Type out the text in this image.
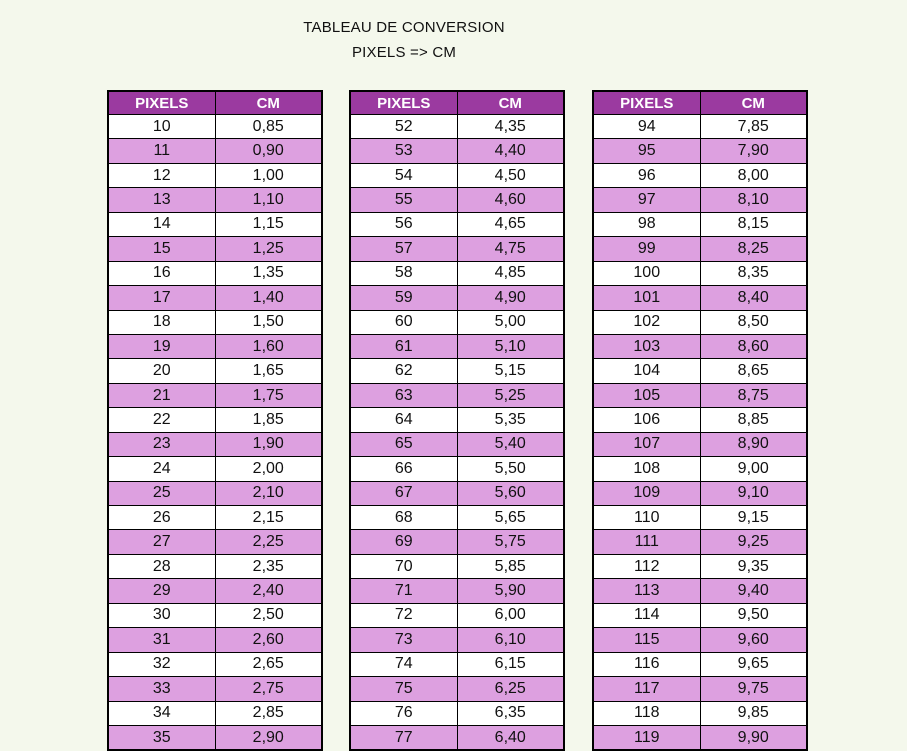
TABLEAU DE CONVERSION
PIXELS => CM
PIXELS	CM
10	0,85
11	0,90
12	1,00
13	1,10
14	1,15
15	1,25
16	1,35
17	1,40
18	1,50
19	1,60
20	1,65
21	1,75
22	1,85
23	1,90
24	2,00
25	2,10
26	2,15
27	2,25
28	2,35
29	2,40
30	2,50
31	2,60
32	2,65
33	2,75
34	2,85
35	2,90
PIXELS	CM
52	4,35
53	4,40
54	4,50
55	4,60
56	4,65
57	4,75
58	4,85
59	4,90
60	5,00
61	5,10
62	5,15
63	5,25
64	5,35
65	5,40
66	5,50
67	5,60
68	5,65
69	5,75
70	5,85
71	5,90
72	6,00
73	6,10
74	6,15
75	6,25
76	6,35
77	6,40
PIXELS	CM
94	7,85
95	7,90
96	8,00
97	8,10
98	8,15
99	8,25
100	8,35
101	8,40
102	8,50
103	8,60
104	8,65
105	8,75
106	8,85
107	8,90
108	9,00
109	9,10
110	9,15
111	9,25
112	9,35
113	9,40
114	9,50
115	9,60
116	9,65
117	9,75
118	9,85
119	9,90
